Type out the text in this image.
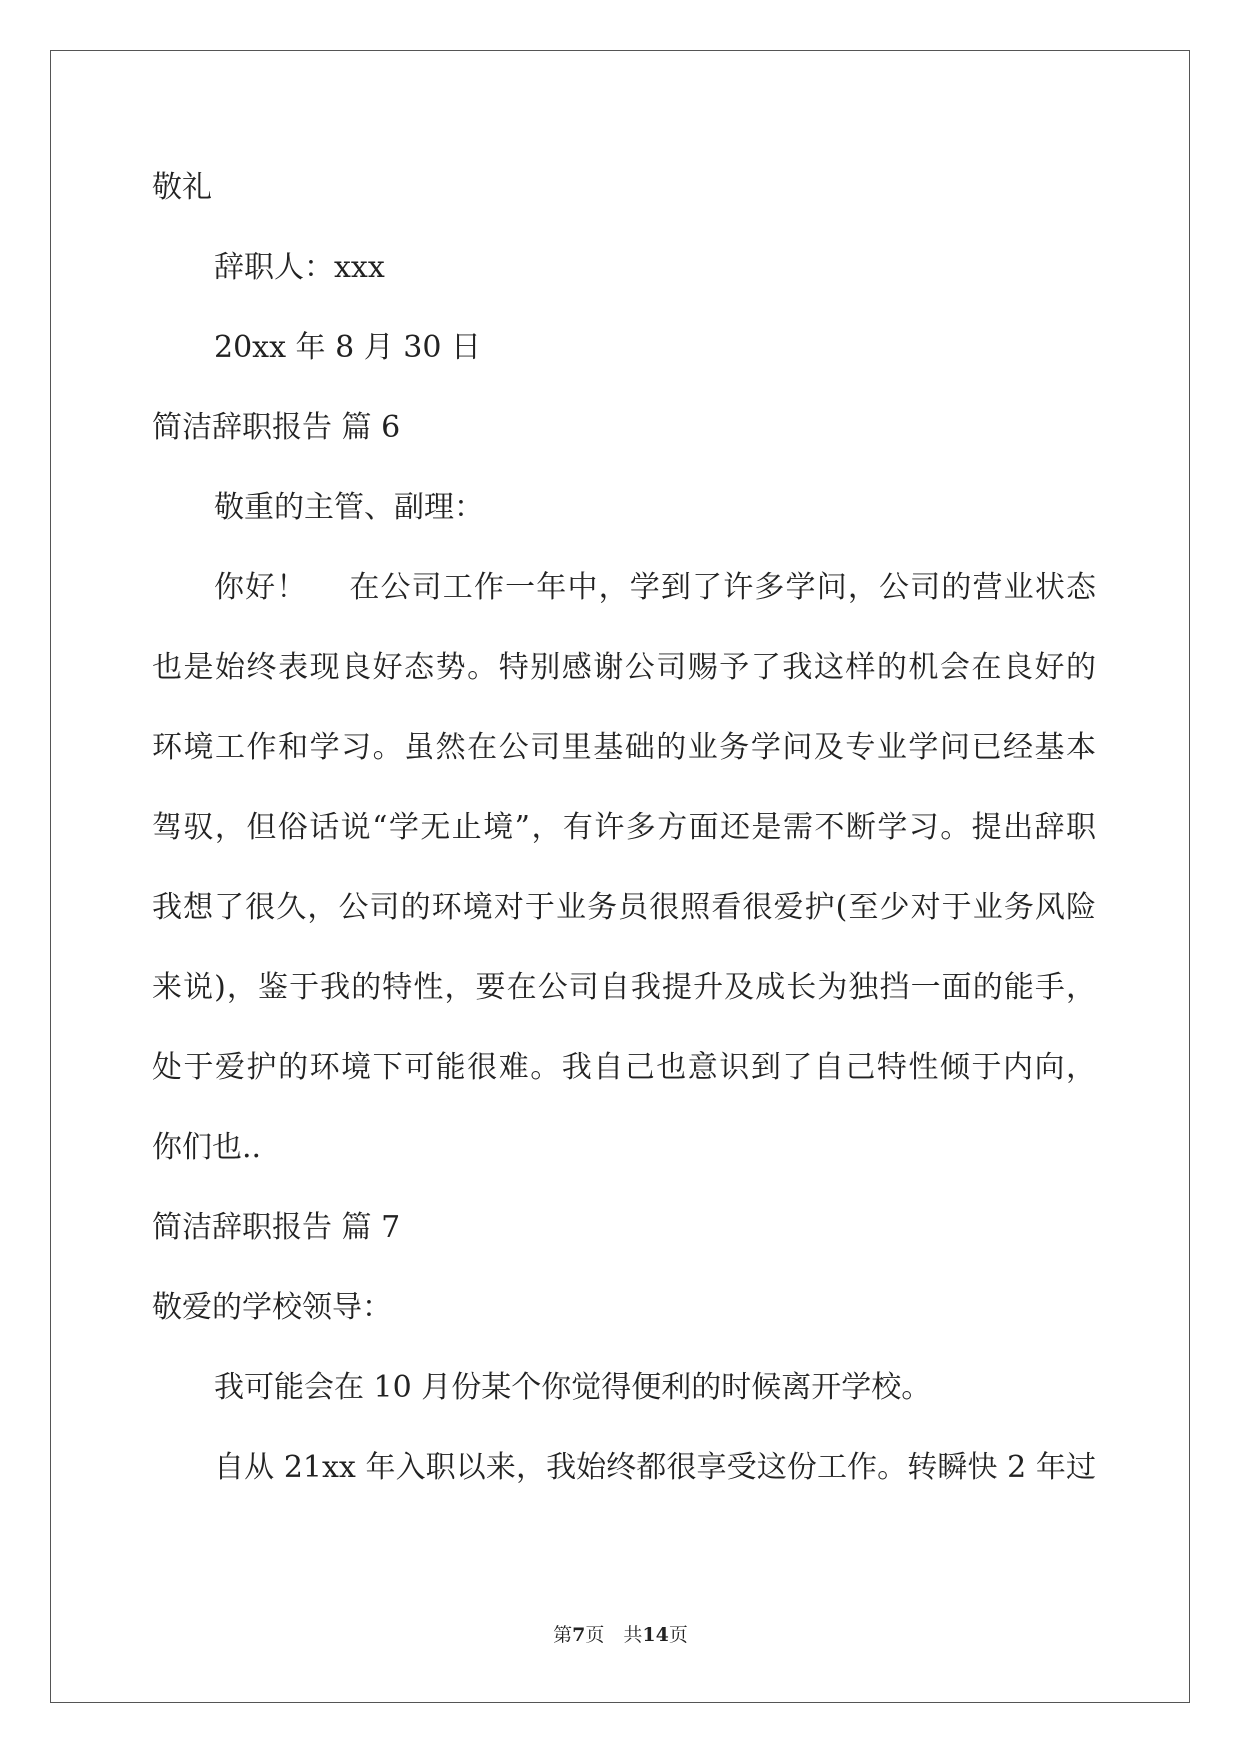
敬礼
辞职人：xxx
20xx 年 8 月 30 日
简洁辞职报告 篇 6
敬重的主管、副理：
你好！　 在公司工作一年中，学到了许多学问，公司的营业状态
也是始终表现良好态势。特别感谢公司赐予了我这样的机会在良好的
环境工作和学习。虽然在公司里基础的业务学问及专业学问已经基本
驾驭，但俗话说“学无止境”，有许多方面还是需不断学习。提出辞职
我想了很久，公司的环境对于业务员很照看很爱护(至少对于业务风险
来说)，鉴于我的特性，要在公司自我提升及成长为独挡一面的能手，
处于爱护的环境下可能很难。我自己也意识到了自己特性倾于内向，
你们也..
简洁辞职报告 篇 7
敬爱的学校领导：
我可能会在 10 月份某个你觉得便利的时候离开学校。
自从 21xx 年入职以来，我始终都很享受这份工作。转瞬快 2 年过
第7页　共14页
